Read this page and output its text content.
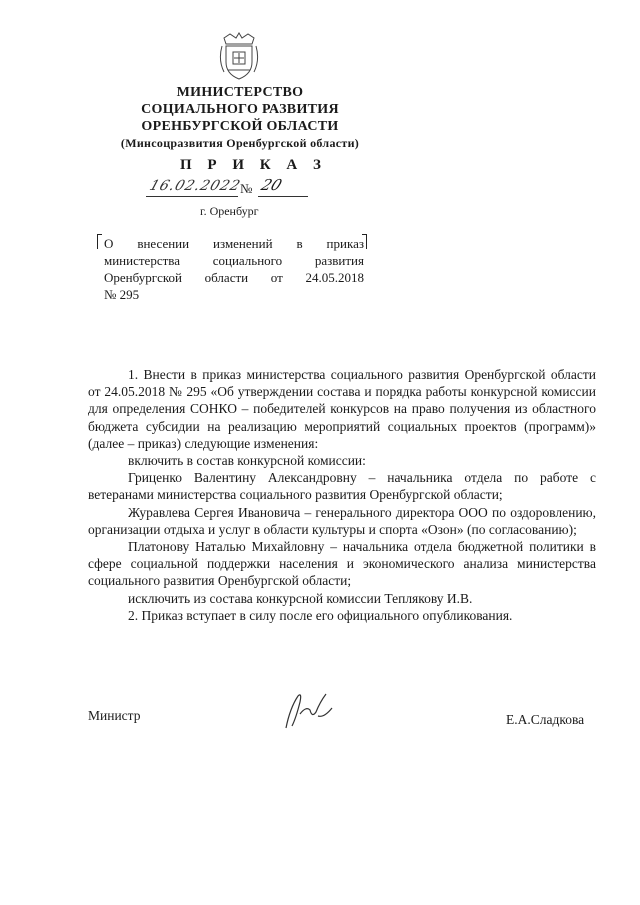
МИНИСТЕРСТВО
СОЦИАЛЬНОГО РАЗВИТИЯ
ОРЕНБУРГСКОЙ ОБЛАСТИ
(Минсоцразвития Оренбургской области)
П Р И К А З
16.02.2022
№ 20
г. Оренбург
О внесении изменений в приказ
министерства социального развития
Оренбургской области от 24.05.2018
№ 295

1. Внести в приказ министерства социального развития Оренбургской области от 24.05.2018 № 295 «Об утверждении состава и порядка работы конкурсной комиссии для определения СОНКО – победителей конкурсов на право получения из областного бюджета субсидии на реализацию мероприятий социальных проектов (программ)» (далее – приказ) следующие изменения:

включить в состав конкурсной комиссии:

Гриценко Валентину Александровну – начальника отдела по работе с ветеранами министерства социального развития Оренбургской области;

Журавлева Сергея Ивановича – генерального директора ООО по оздоровлению, организации отдыха и услуг в области культуры и спорта «Озон» (по согласованию);

Платонову Наталью Михайловну – начальника отдела бюджетной политики в сфере социальной поддержки населения и экономического анализа министерства социального развития Оренбургской области;

исключить из состава конкурсной комиссии Теплякову И.В.

2. Приказ вступает в силу после его официального опубликования.

Министр	Е.А.Сладкова
